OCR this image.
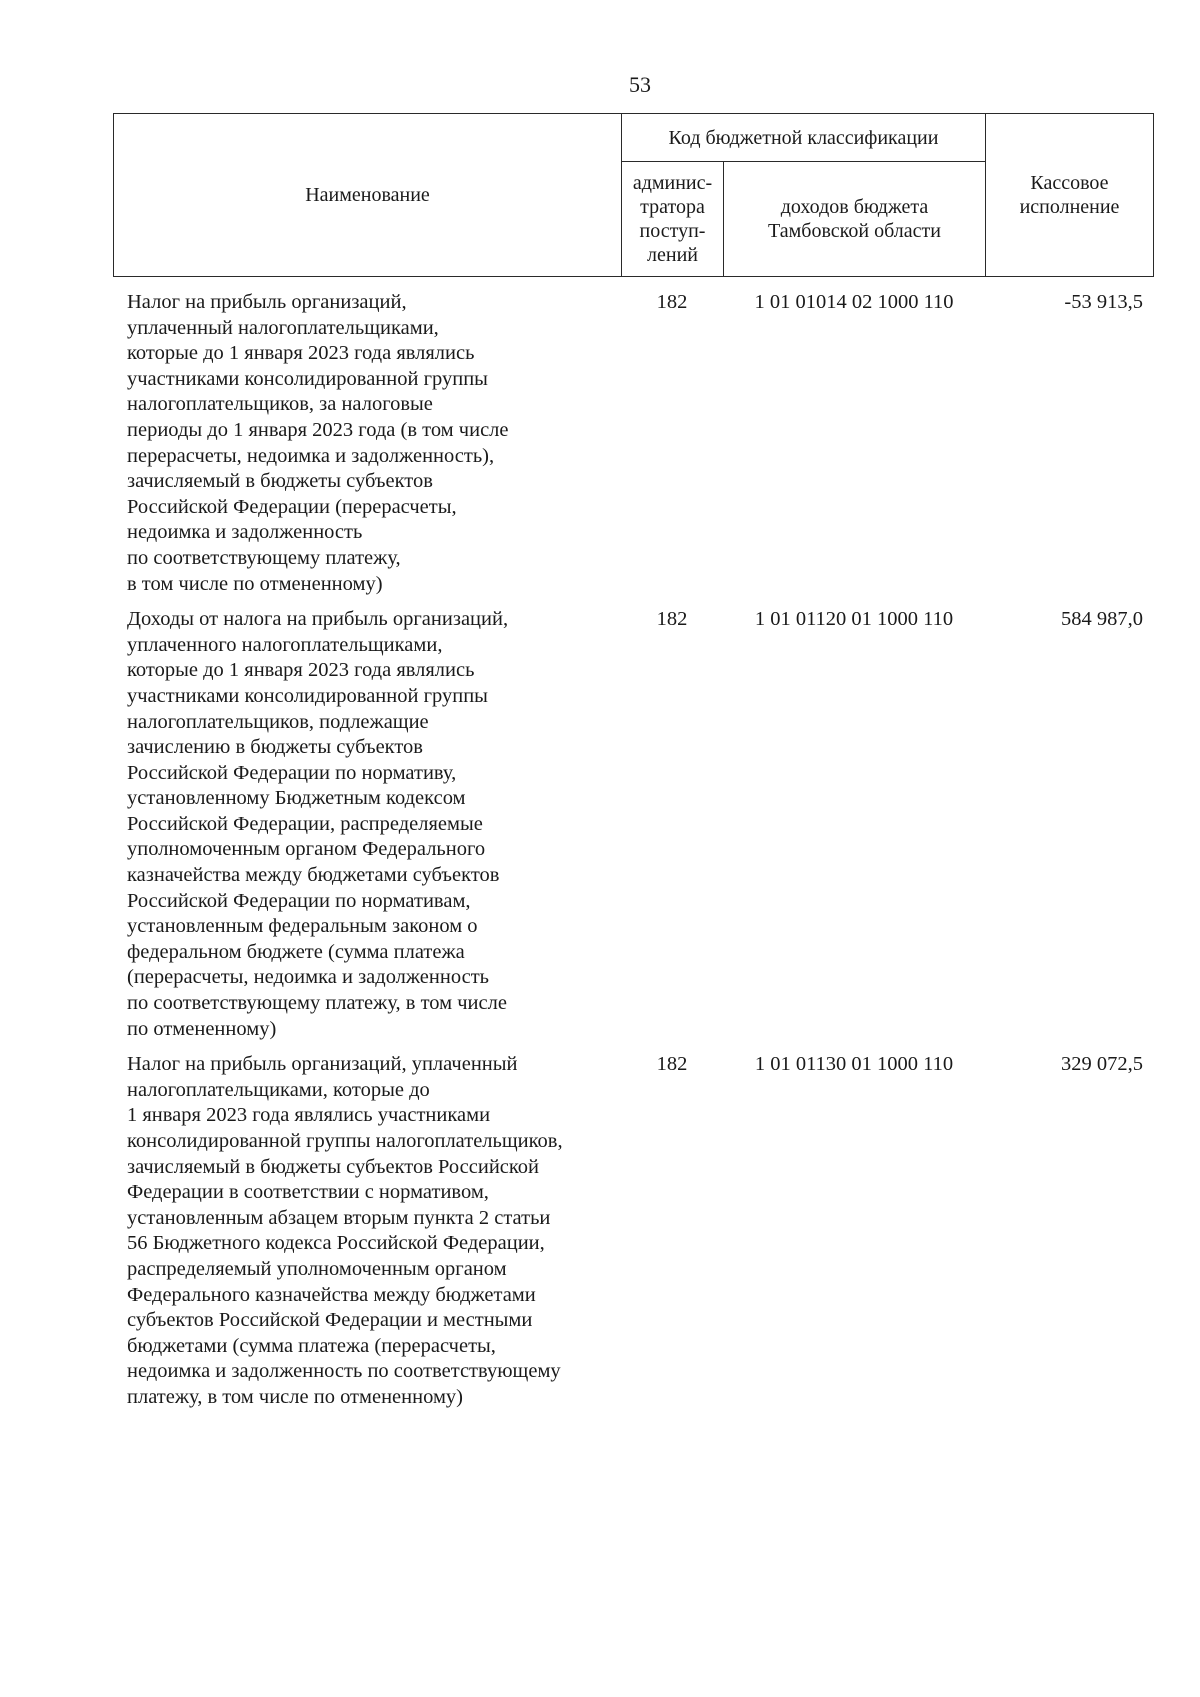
53
Наименование	Код бюджетной классификации		Кассовое
исполнение
	админис-
тратора
поступ-
лений	доходов бюджета
Тамбовской области	
Налог на прибыль организаций,
уплаченный налогоплательщиками,
которые до 1 января 2023 года являлись
участниками консолидированной группы
налогоплательщиков, за налоговые
периоды до 1 января 2023 года (в том числе
перерасчеты, недоимка и задолженность),
зачисляемый в бюджеты субъектов
Российской Федерации (перерасчеты,
недоимка и задолженность
по соответствующему платежу,
в том числе по отмененному)
182	1 01 01014 02 1000 110	-53 913,5
Доходы от налога на прибыль организаций,
уплаченного налогоплательщиками,
которые до 1 января 2023 года являлись
участниками консолидированной группы
налогоплательщиков, подлежащие
зачислению в бюджеты субъектов
Российской Федерации по нормативу,
установленному Бюджетным кодексом
Российской Федерации, распределяемые
уполномоченным органом Федерального
казначейства между бюджетами субъектов
Российской Федерации по нормативам,
установленным федеральным законом о
федеральном бюджете (сумма платежа
(перерасчеты, недоимка и задолженность
по соответствующему платежу, в том числе
по отмененному)
182	1 01 01120 01 1000 110	584 987,0
Налог на прибыль организаций, уплаченный
налогоплательщиками, которые до
1 января 2023 года являлись участниками
консолидированной группы налогоплательщиков,
зачисляемый в бюджеты субъектов Российской
Федерации в соответствии с нормативом,
установленным абзацем вторым пункта 2 статьи
56 Бюджетного кодекса Российской Федерации,
распределяемый уполномоченным органом
Федерального казначейства между бюджетами
субъектов Российской Федерации и местными
бюджетами (сумма платежа (перерасчеты,
недоимка и задолженность по соответствующему
платежу, в том числе по отмененному)
182	1 01 01130 01 1000 110	329 072,5
